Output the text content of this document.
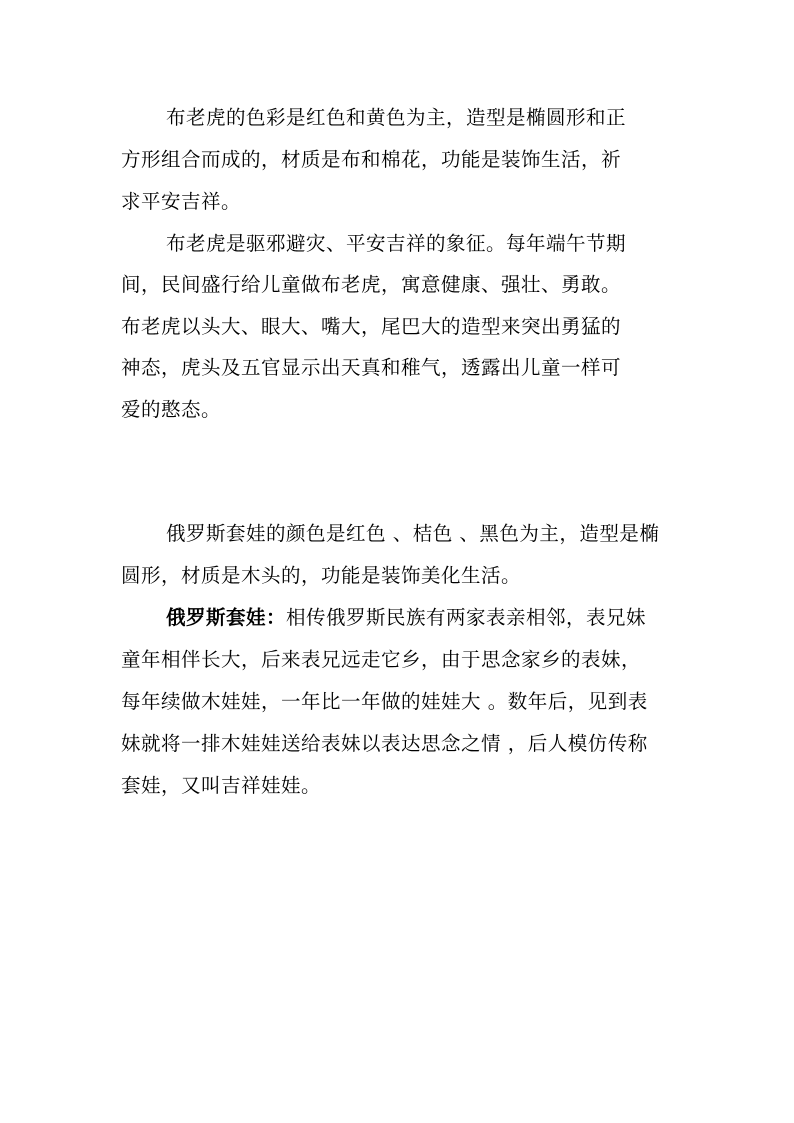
布老虎的色彩是红色和黄色为主，造型是椭圆形和正
方形组合而成的，材质是布和棉花，功能是装饰生活，祈
求平安吉祥。
布老虎是驱邪避灾、平安吉祥的象征。每年端午节期
间，民间盛行给儿童做布老虎，寓意健康、强壮、勇敢。
布老虎以头大、眼大、嘴大，尾巴大的造型来突出勇猛的
神态，虎头及五官显示出天真和稚气，透露出儿童一样可
爱的憨态。
俄罗斯套娃的颜色是红色 、桔色 、黑色为主，造型是椭
圆形，材质是木头的，功能是装饰美化生活。
俄罗斯套娃：相传俄罗斯民族有两家表亲相邻，表兄妹
童年相伴长大，后来表兄远走它乡，由于思念家乡的表妹，
每年续做木娃娃，一年比一年做的娃娃大 。数年后，见到表
妹就将一排木娃娃送给表妹以表达思念之情 ，后人模仿传称
套娃，又叫吉祥娃娃。
